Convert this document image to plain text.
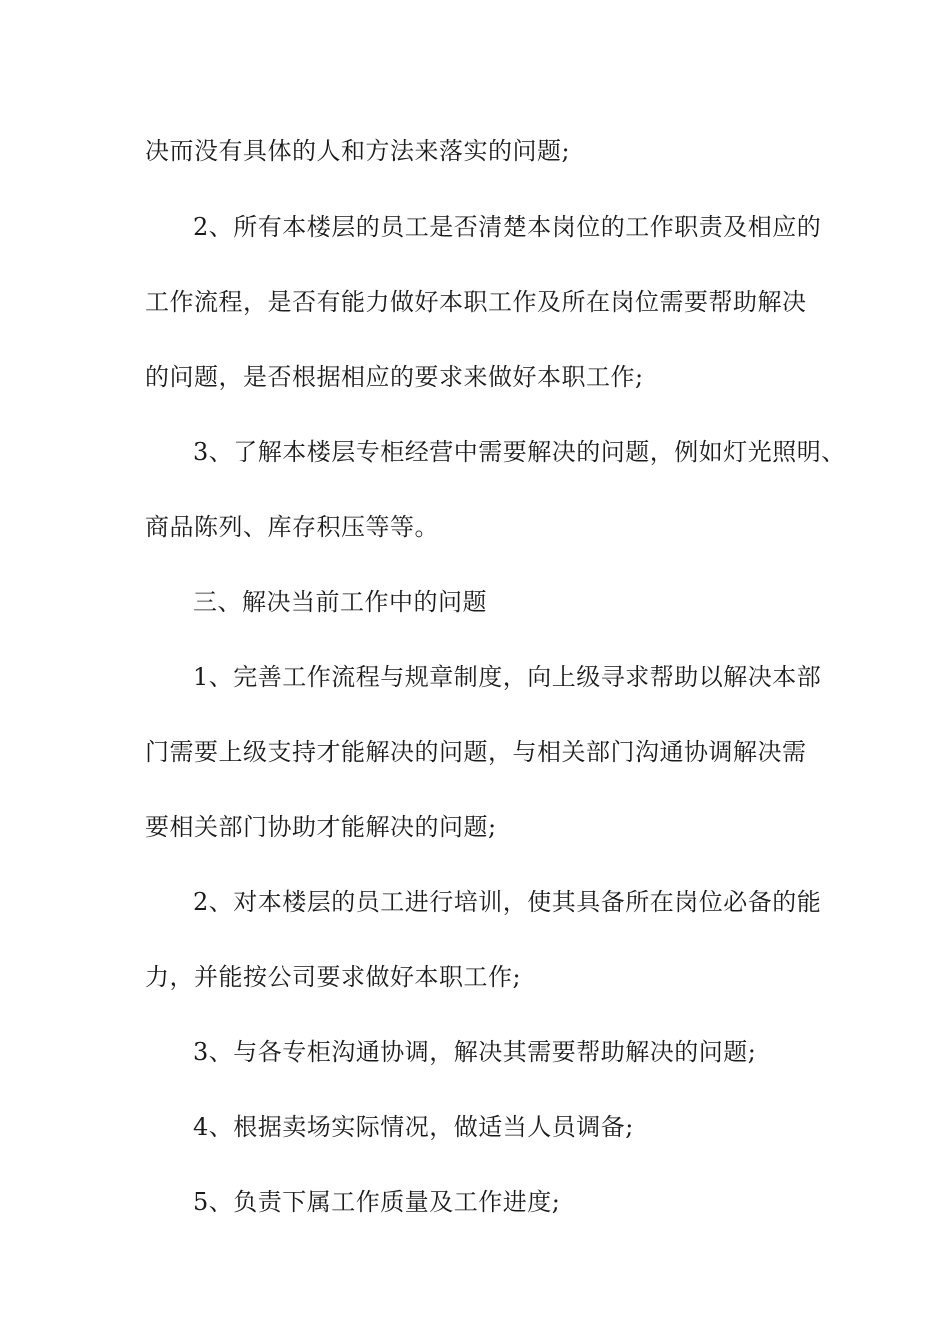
决而没有具体的人和方法来落实的问题;
2、所有本楼层的员工是否清楚本岗位的工作职责及相应的
工作流程，是否有能力做好本职工作及所在岗位需要帮助解决
的问题，是否根据相应的要求来做好本职工作;
3、了解本楼层专柜经营中需要解决的问题，例如灯光照明、
商品陈列、库存积压等等。
三、解决当前工作中的问题
1、完善工作流程与规章制度，向上级寻求帮助以解决本部
门需要上级支持才能解决的问题，与相关部门沟通协调解决需
要相关部门协助才能解决的问题;
2、对本楼层的员工进行培训，使其具备所在岗位必备的能
力，并能按公司要求做好本职工作;
3、与各专柜沟通协调，解决其需要帮助解决的问题;
4、根据卖场实际情况，做适当人员调备;
5、负责下属工作质量及工作进度;
